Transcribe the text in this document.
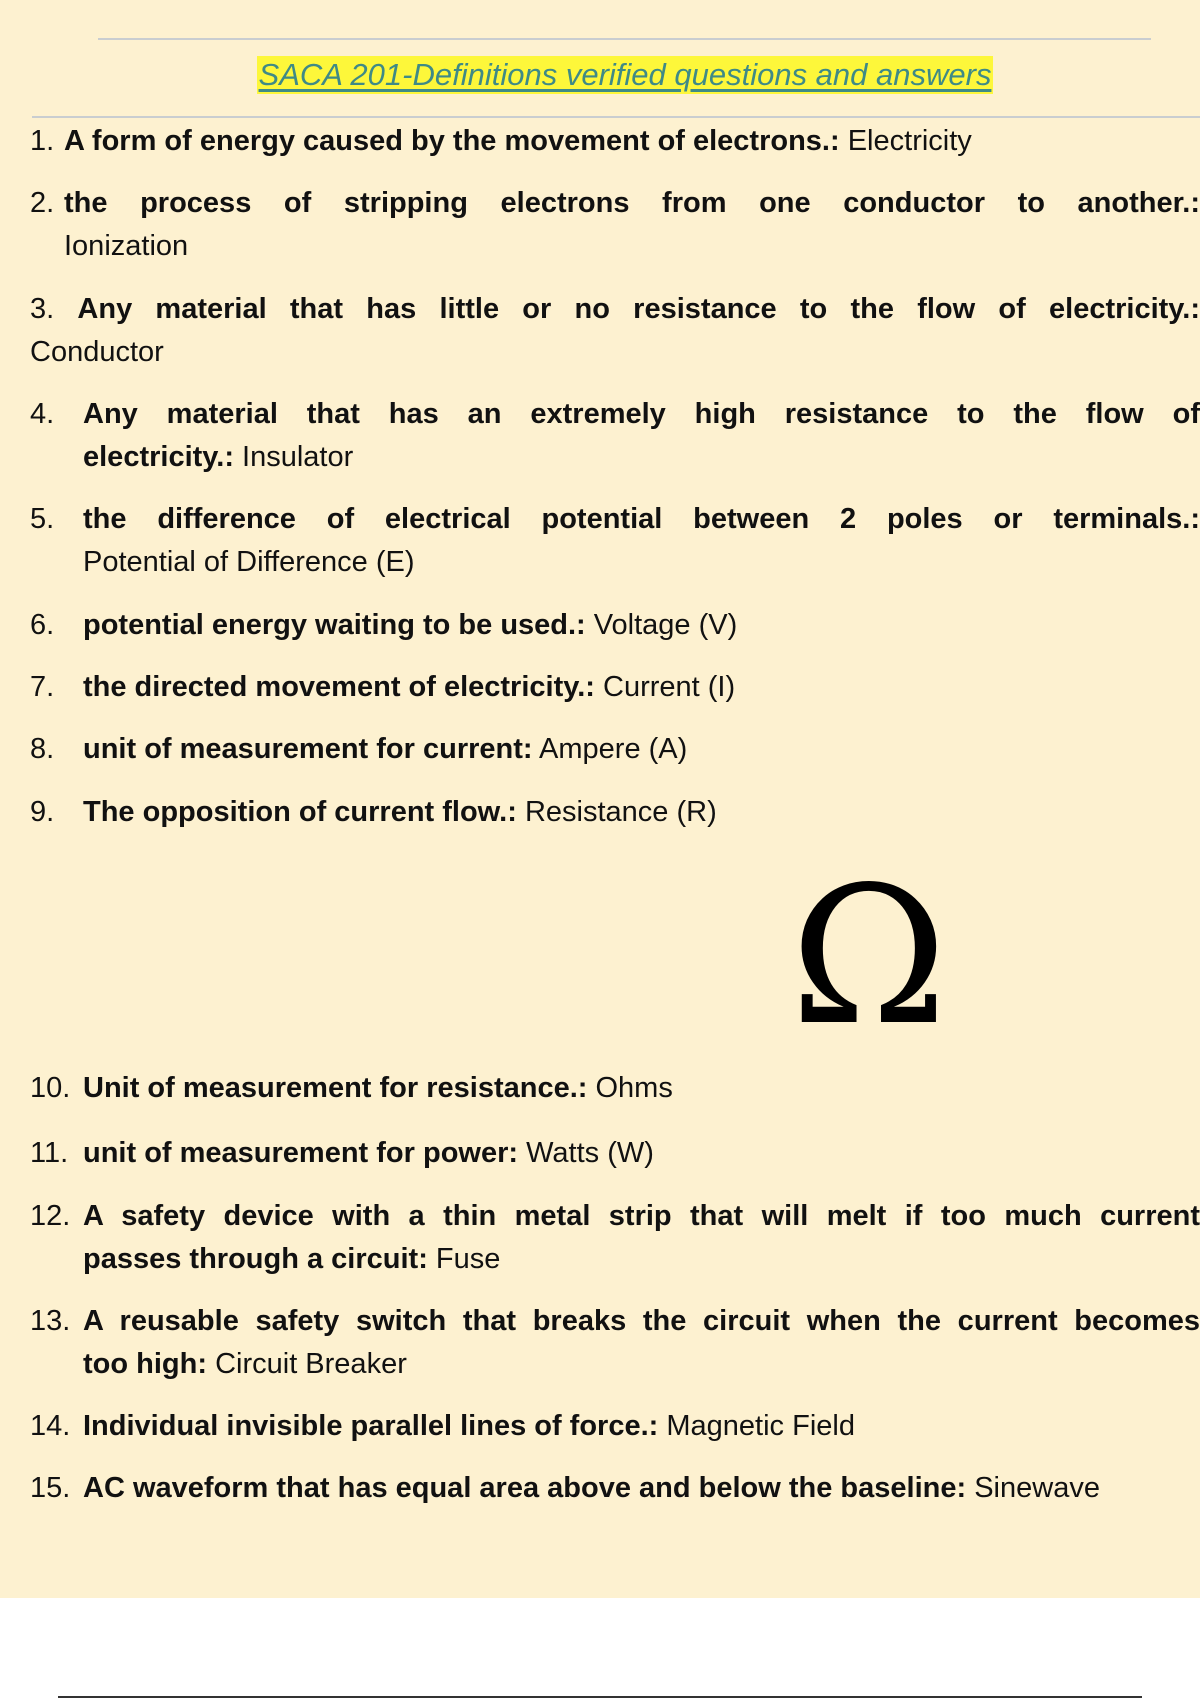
SACA 201-Definitions verified questions and answers
1. A form of energy caused by the movement of electrons.: Electricity
2. the process of stripping electrons from one conductor to another.:
Ionization
3. Any material that has little or no resistance to the flow of electricity.:
Conductor
4. Any material that has an extremely high resistance to the flow of
electricity.: Insulator
5. the difference of electrical potential between 2 poles or terminals.:
Potential of Difference (E)
6. potential energy waiting to be used.: Voltage (V)
7. the directed movement of electricity.: Current (I)
8. unit of measurement for current: Ampere (A)
9. The opposition of current flow.: Resistance (R)
Ω
10. Unit of measurement for resistance.: Ohms
11. unit of measurement for power: Watts (W)
12. A safety device with a thin metal strip that will melt if too much current
passes through a circuit: Fuse
13. A reusable safety switch that breaks the circuit when the current becomes
too high: Circuit Breaker
14. Individual invisible parallel lines of force.: Magnetic Field
15. AC waveform that has equal area above and below the baseline: Sinewave
